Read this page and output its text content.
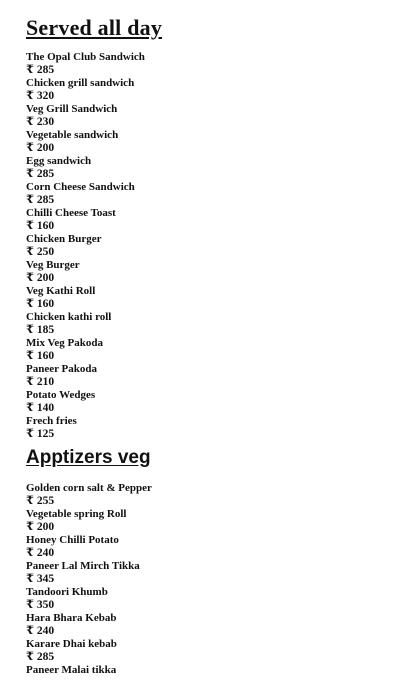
Served all day
The Opal Club Sandwich
₹ 285
Chicken grill sandwich
₹ 320
Veg Grill Sandwich
₹ 230
Vegetable sandwich
₹ 200
Egg sandwich
₹ 285
Corn Cheese Sandwich
₹ 285
Chilli Cheese Toast
₹ 160
Chicken Burger
₹ 250
Veg Burger
₹ 200
Veg Kathi Roll
₹ 160
Chicken kathi roll
₹ 185
Mix Veg Pakoda
₹ 160
Paneer Pakoda
₹ 210
Potato Wedges
₹ 140
Frech fries
₹ 125
Apptizers veg
Golden corn salt & Pepper
₹ 255
Vegetable spring Roll
₹ 200
Honey Chilli Potato
₹ 240
Paneer Lal Mirch Tikka
₹ 345
Tandoori Khumb
₹ 350
Hara Bhara Kebab
₹ 240
Karare Dhai kebab
₹ 285
Paneer Malai tikka
